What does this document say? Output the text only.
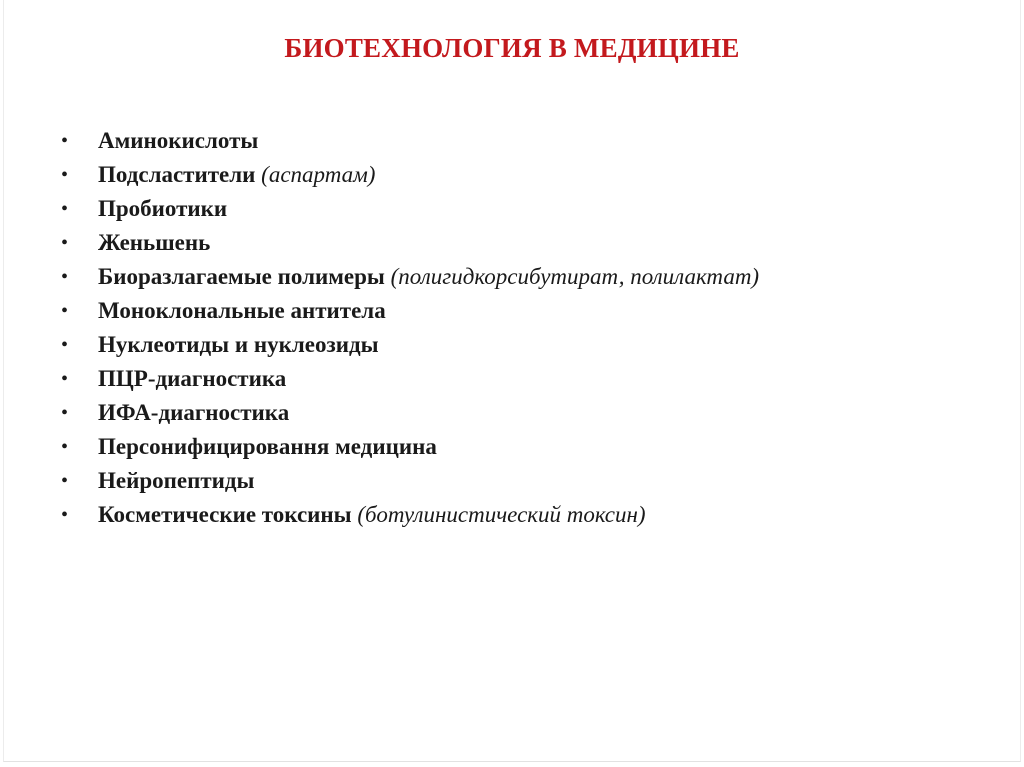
БИОТЕХНОЛОГИЯ В МЕДИЦИНЕ
• Аминокислоты
• Подсластители (аспартам)
• Пробиотики
• Женьшень
• Биоразлагаемые полимеры (полигидкорсибутират, полилактат)
• Моноклональные антитела
• Нуклеотиды и нуклеозиды
• ПЦР-диагностика
• ИФА-диагностика
• Персонифицировання медицина
• Нейропептиды
• Косметические токсины (ботулинистический токсин)
